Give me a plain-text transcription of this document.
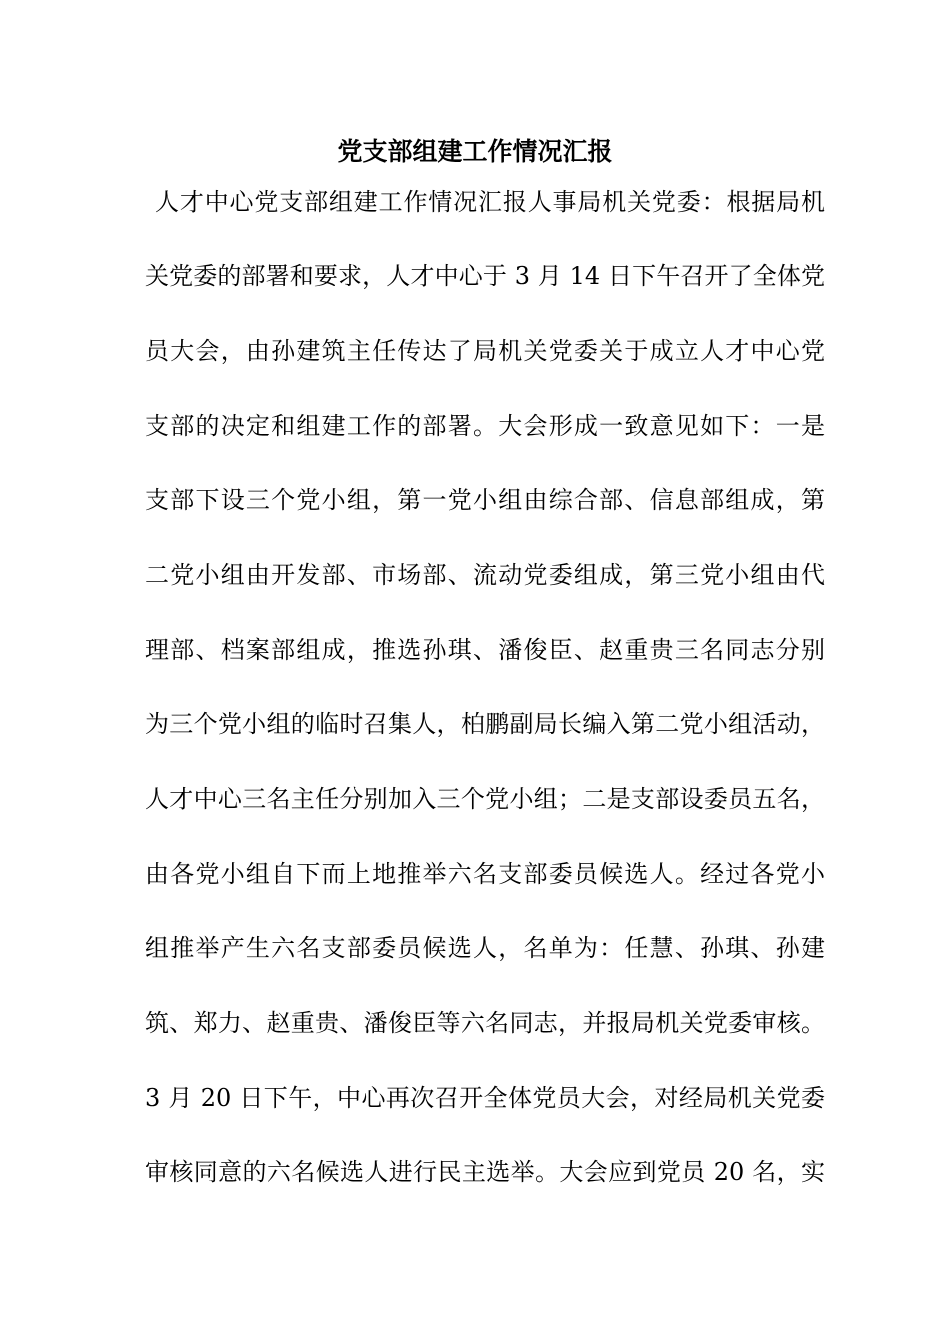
党支部组建工作情况汇报
人才中心党支部组建工作情况汇报人事局机关党委：根据局机
关党委的部署和要求，人才中心于 3 月 14 日下午召开了全体党
员大会，由孙建筑主任传达了局机关党委关于成立人才中心党
支部的决定和组建工作的部署。大会形成一致意见如下：一是
支部下设三个党小组，第一党小组由综合部、信息部组成，第
二党小组由开发部、市场部、流动党委组成，第三党小组由代
理部、档案部组成，推选孙琪、潘俊臣、赵重贵三名同志分别
为三个党小组的临时召集人，柏鹏副局长编入第二党小组活动，
人才中心三名主任分别加入三个党小组；二是支部设委员五名，
由各党小组自下而上地推举六名支部委员候选人。经过各党小
组推举产生六名支部委员候选人，名单为：任慧、孙琪、孙建
筑、郑力、赵重贵、潘俊臣等六名同志，并报局机关党委审核。
3 月 20 日下午，中心再次召开全体党员大会，对经局机关党委
审核同意的六名候选人进行民主选举。大会应到党员 20 名，实
